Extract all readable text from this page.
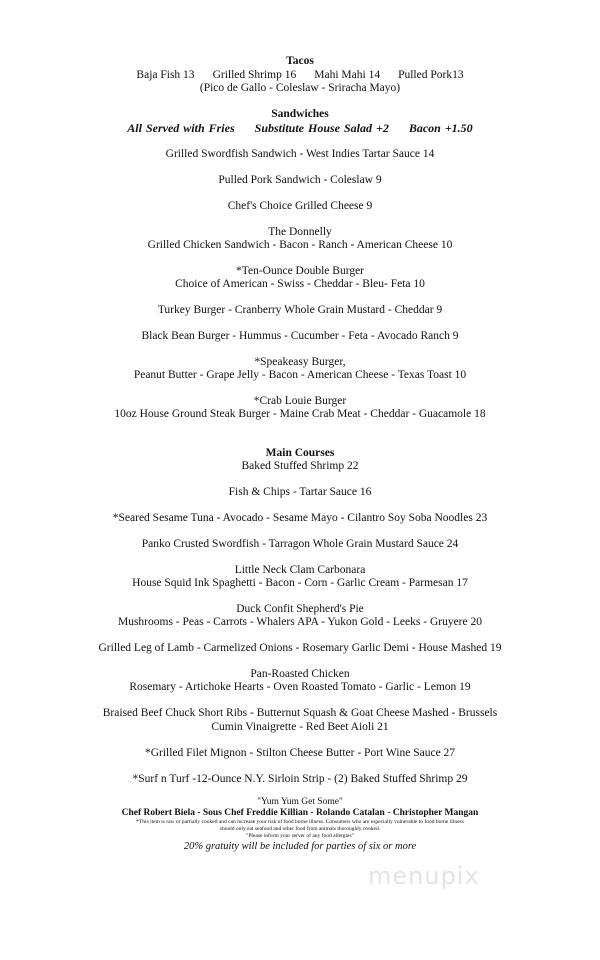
Tacos
Baja Fish 13 Grilled Shrimp 16 Mahi Mahi 14 Pulled Pork13
(Pico de Gallo - Coleslaw - Sriracha Mayo)
Sandwiches
All Served with Fries Substitute House Salad +2 Bacon +1.50
Grilled Swordfish Sandwich - West Indies Tartar Sauce 14
Pulled Pork Sandwich - Coleslaw 9
Chef's Choice Grilled Cheese 9
The Donnelly
Grilled Chicken Sandwich - Bacon - Ranch - American Cheese 10
*Ten-Ounce Double Burger
Choice of American - Swiss - Cheddar - Bleu- Feta 10
Turkey Burger - Cranberry Whole Grain Mustard - Cheddar 9
Black Bean Burger - Hummus - Cucumber - Feta - Avocado Ranch 9
*Speakeasy Burger,
Peanut Butter - Grape Jelly - Bacon - American Cheese - Texas Toast 10
*Crab Louie Burger
10oz House Ground Steak Burger - Maine Crab Meat - Cheddar - Guacamole 18
Main Courses
Baked Stuffed Shrimp 22
Fish & Chips - Tartar Sauce 16
*Seared Sesame Tuna - Avocado - Sesame Mayo - Cilantro Soy Soba Noodles 23
Panko Crusted Swordfish - Tarragon Whole Grain Mustard Sauce 24
Little Neck Clam Carbonara
House Squid Ink Spaghetti - Bacon - Corn - Garlic Cream - Parmesan 17
Duck Confit Shepherd's Pie
Mushrooms - Peas - Carrots - Whalers APA - Yukon Gold - Leeks - Gruyere 20
Grilled Leg of Lamb - Carmelized Onions - Rosemary Garlic Demi - House Mashed 19
Pan-Roasted Chicken
Rosemary - Artichoke Hearts - Oven Roasted Tomato - Garlic - Lemon 19
Braised Beef Chuck Short Ribs - Butternut Squash & Goat Cheese Mashed - Brussels
Cumin Vinaigrette - Red Beet Aioli 21
*Grilled Filet Mignon - Stilton Cheese Butter - Port Wine Sauce 27
*Surf n Turf -12-Ounce N.Y. Sirloin Strip - (2) Baked Stuffed Shrimp 29
"Yum Yum Get Some"
Chef Robert Biela - Sous Chef Freddie Killian - Rolando Catalan - Christopher Mangan
*This item is raw or partially cooked and can increase your risk of food borne illness. Consumers who are especially vulnerable to food borne illness
should only eat seafood and other food from animals thoroughly cooked.
"Please inform your server of any food allergies"
20% gratuity will be included for parties of six or more
menupix
